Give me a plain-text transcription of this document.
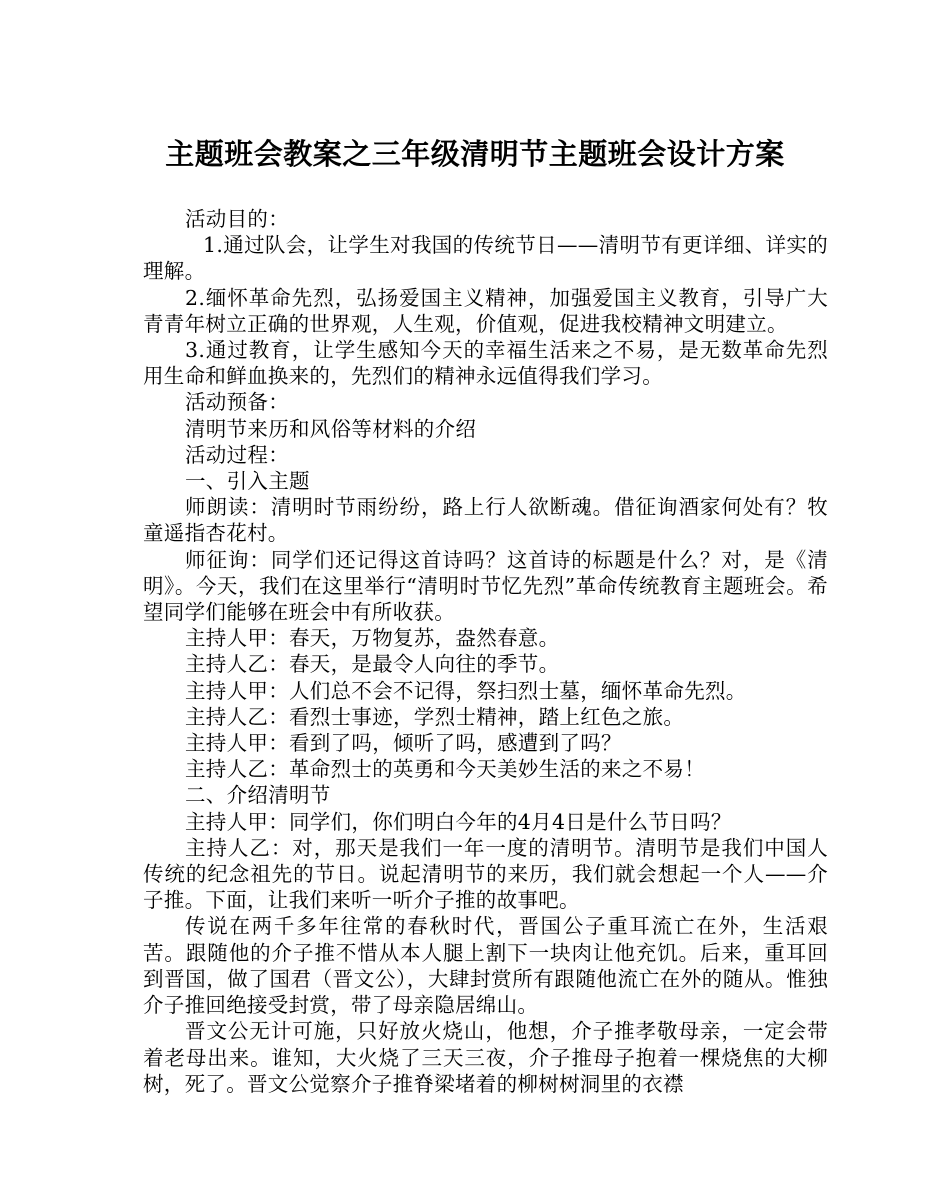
主题班会教案之三年级清明节主题班会设计方案

活动目的：

1.通过队会，让学生对我国的传统节日——清明节有更详细、详实的理解。

2.缅怀革命先烈，弘扬爱国主义精神，加强爱国主义教育，引导广大青青年树立正确的世界观，人生观，价值观，促进我校精神文明建立。

3.通过教育，让学生感知今天的幸福生活来之不易，是无数革命先烈用生命和鲜血换来的，先烈们的精神永远值得我们学习。

活动预备：

清明节来历和风俗等材料的介绍

活动过程：

一、引入主题

师朗读：清明时节雨纷纷，路上行人欲断魂。借征询酒家何处有？牧童遥指杏花村。

师征询：同学们还记得这首诗吗？这首诗的标题是什么？对，是《清明》。今天，我们在这里举行“清明时节忆先烈”革命传统教育主题班会。希望同学们能够在班会中有所收获。

主持人甲：春天，万物复苏，盎然春意。

主持人乙：春天，是最令人向往的季节。

主持人甲：人们总不会不记得，祭扫烈士墓，缅怀革命先烈。

主持人乙：看烈士事迹，学烈士精神，踏上红色之旅。

主持人甲：看到了吗，倾听了吗，感遭到了吗？

主持人乙：革命烈士的英勇和今天美妙生活的来之不易！

二、介绍清明节

主持人甲：同学们，你们明白今年的4月4日是什么节日吗？

主持人乙：对，那天是我们一年一度的清明节。清明节是我们中国人传统的纪念祖先的节日。说起清明节的来历，我们就会想起一个人——介子推。下面，让我们来听一听介子推的故事吧。

传说在两千多年往常的春秋时代，晋国公子重耳流亡在外，生活艰苦。跟随他的介子推不惜从本人腿上割下一块肉让他充饥。后来，重耳回到晋国，做了国君（晋文公），大肆封赏所有跟随他流亡在外的随从。惟独介子推回绝接受封赏，带了母亲隐居绵山。

晋文公无计可施，只好放火烧山，他想，介子推孝敬母亲，一定会带着老母出来。谁知，大火烧了三天三夜，介子推母子抱着一棵烧焦的大柳树，死了。晋文公觉察介子推脊梁堵着的柳树树洞里的衣襟
